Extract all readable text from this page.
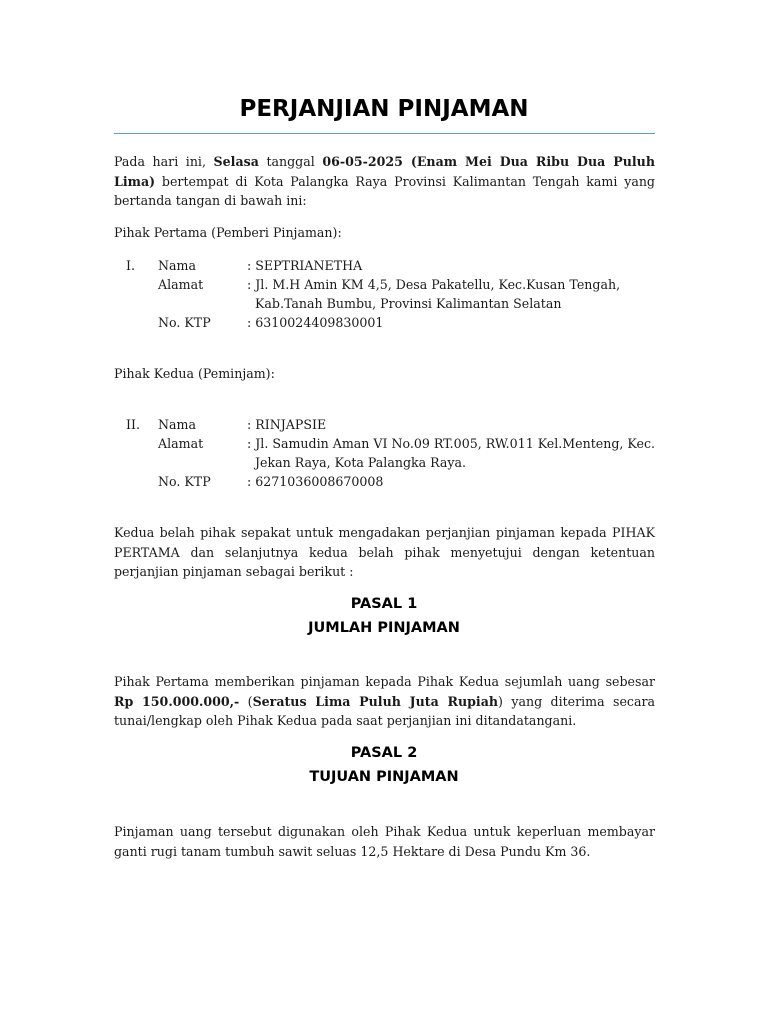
PERJANJIAN PINJAMAN

Pada hari ini, Selasa tanggal 06-05-2025 (Enam Mei Dua Ribu Dua Puluh Lima) bertempat di Kota Palangka Raya Provinsi Kalimantan Tengah kami yang bertanda tangan di bawah ini:

Pihak Pertama (Pemberi Pinjaman):

I. Nama	: SEPTRIANETHA
Alamat	: Jl. M.H Amin KM 4,5, Desa Pakatellu, Kec.Kusan Tengah, Kab.Tanah Bumbu, Provinsi Kalimantan Selatan
No. KTP	: 6310024409830001

Pihak Kedua (Peminjam):

II. Nama	: RINJAPSIE
Alamat	: Jl. Samudin Aman VI No.09 RT.005, RW.011 Kel.Menteng, Kec. Jekan Raya, Kota Palangka Raya.
No. KTP	: 6271036008670008

Kedua belah pihak sepakat untuk mengadakan perjanjian pinjaman kepada PIHAK PERTAMA dan selanjutnya kedua belah pihak menyetujui dengan ketentuan perjanjian pinjaman sebagai berikut :

PASAL 1
JUMLAH PINJAMAN

Pihak Pertama memberikan pinjaman kepada Pihak Kedua sejumlah uang sebesar Rp 150.000.000,- (Seratus Lima Puluh Juta Rupiah) yang diterima secara tunai/lengkap oleh Pihak Kedua pada saat perjanjian ini ditandatangani.

PASAL 2
TUJUAN PINJAMAN

Pinjaman uang tersebut digunakan oleh Pihak Kedua untuk keperluan membayar ganti rugi tanam tumbuh sawit seluas 12,5 Hektare di Desa Pundu Km 36.
